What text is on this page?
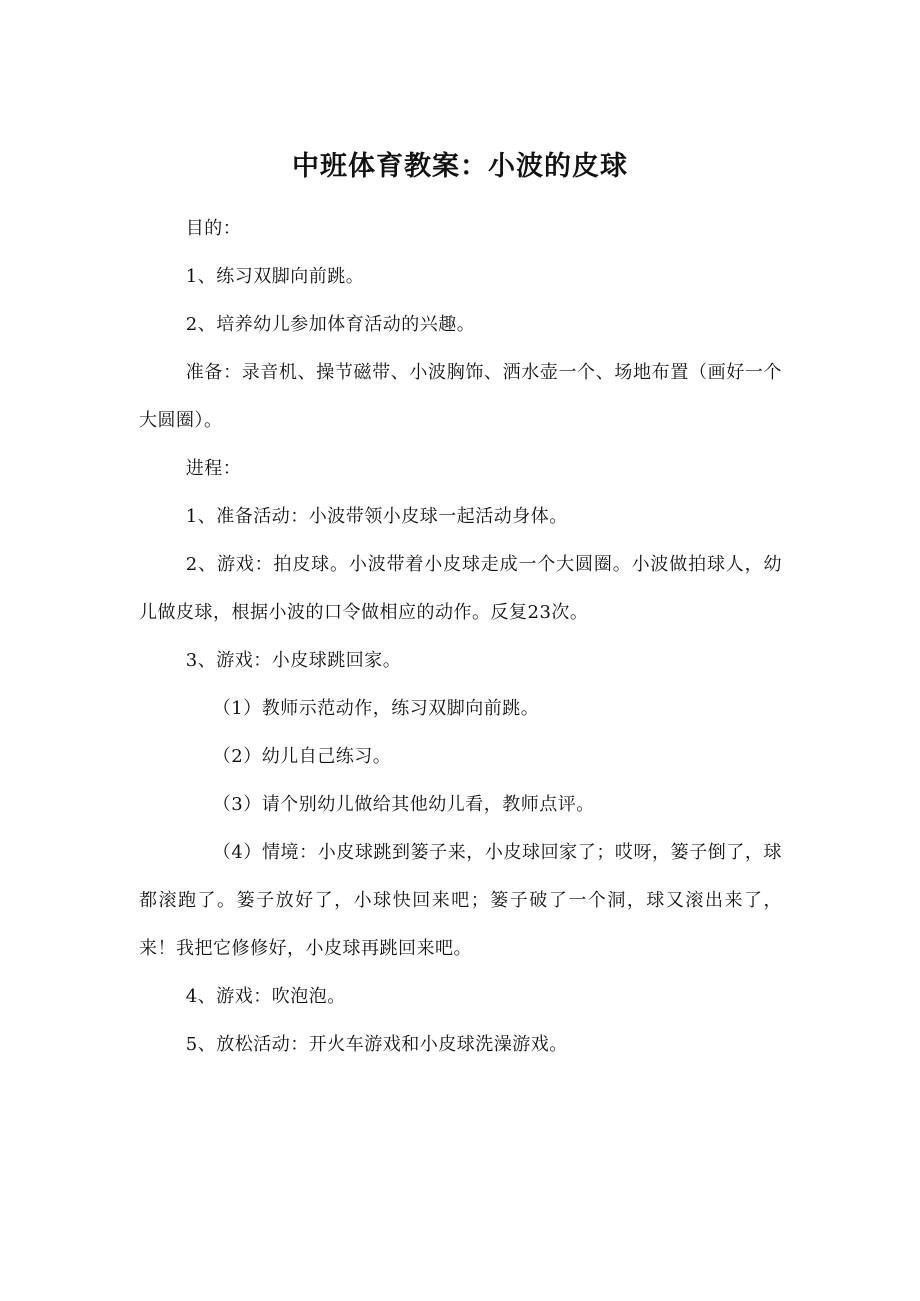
中班体育教案：小波的皮球

目的：

1、练习双脚向前跳。

2、培养幼儿参加体育活动的兴趣。

准备：录音机、操节磁带、小波胸饰、洒水壶一个、场地布置（画好一个大圆圈）。

进程：

1、准备活动：小波带领小皮球一起活动身体。

2、游戏：拍皮球。小波带着小皮球走成一个大圆圈。小波做拍球人，幼儿做皮球，根据小波的口令做相应的动作。反复23次。

3、游戏：小皮球跳回家。

（1）教师示范动作，练习双脚向前跳。

（2）幼儿自己练习。

（3）请个别幼儿做给其他幼儿看，教师点评。

（4）情境：小皮球跳到篓子来，小皮球回家了；哎呀，篓子倒了，球都滚跑了。篓子放好了，小球快回来吧；篓子破了一个洞，球又滚出来了，来！我把它修修好，小皮球再跳回来吧。

4、游戏：吹泡泡。

5、放松活动：开火车游戏和小皮球洗澡游戏。
